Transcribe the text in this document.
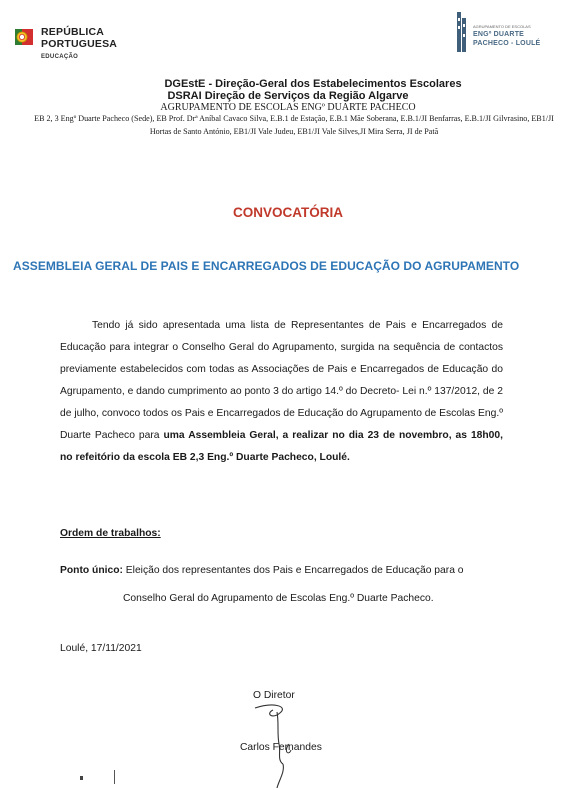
REPÚBLICA
PORTUGUESA
EDUCAÇÃO
AGRUPAMENTO DE ESCOLAS
ENGº DUARTE
PACHECO - LOULÉ
DGEstE - Direção-Geral dos Estabelecimentos Escolares
DSRAI Direção de Serviços da Região Algarve
AGRUPAMENTO DE ESCOLAS ENGº DUARTE PACHECO
EB 2, 3 Engº Duarte Pacheco (Sede), EB Prof. Drª Aníbal Cavaco Silva, E.B.1 de Estação, E.B.1 Mãe Soberana, E.B.1/JI Benfarras, E.B.1/JI Gilvrasino, EB1/JI Hortas de Santo António, EB1/JI Vale Judeu, EB1/JI Vale Silves,JI Mira Serra, JI de Patã
CONVOCATÓRIA
ASSEMBLEIA GERAL DE PAIS E ENCARREGADOS DE EDUCAÇÃO DO AGRUPAMENTO
Tendo já sido apresentada uma lista de Representantes de Pais e Encarregados de Educação para integrar o Conselho Geral do Agrupamento, surgida na sequência de contactos previamente estabelecidos com todas as Associações de Pais e Encarregados de Educação do Agrupamento, e dando cumprimento ao ponto 3 do artigo 14.º do Decreto- Lei n.º 137/2012, de 2 de julho, convoco todos os Pais e Encarregados de Educação do Agrupamento de Escolas Eng.º Duarte Pacheco para uma Assembleia Geral, a realizar no dia 23 de novembro, as 18h00, no refeitório da escola EB 2,3 Eng.º Duarte Pacheco, Loulé.
Ordem de trabalhos:
Ponto único: Eleição dos representantes dos Pais e Encarregados de Educação para o
Conselho Geral do Agrupamento de Escolas Eng.º Duarte Pacheco.
Loulé, 17/11/2021
O Diretor
Carlos Fernandes
